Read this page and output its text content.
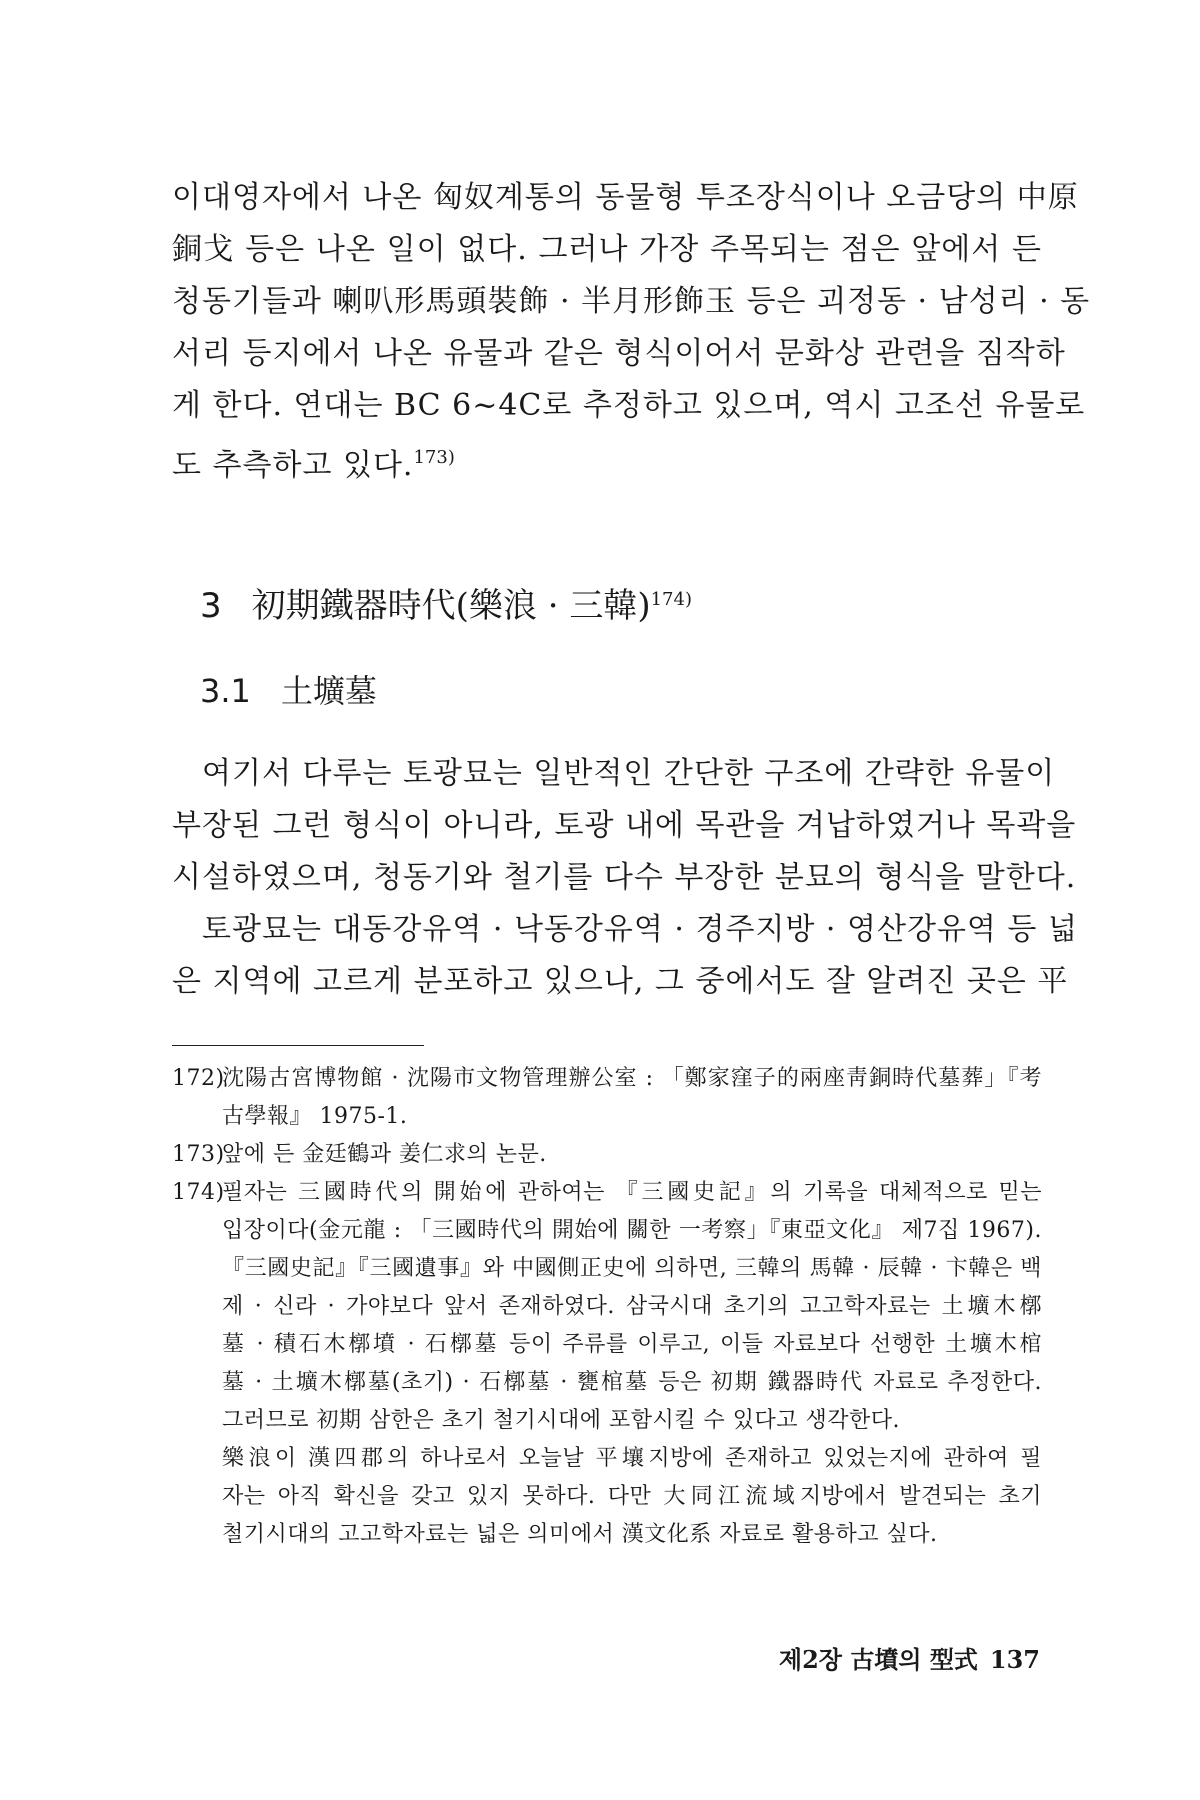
이대영자에서 나온 匈奴계통의 동물형 투조장식이나 오금당의 中原
銅戈 등은 나온 일이 없다. 그러나 가장 주목되는 점은 앞에서 든
청동기들과 喇叭形馬頭裝飾 · 半月形飾玉 등은 괴정동 · 남성리 · 동
서리 등지에서 나온 유물과 같은 형식이어서 문화상 관련을 짐작하
게 한다. 연대는 BC 6~4C로 추정하고 있으며, 역시 고조선 유물로
도 추측하고 있다.$^{173)}$

3 初期鐵器時代(樂浪 · 三韓)$^{174)}$
3.1 土壙墓

여기서 다루는 토광묘는 일반적인 간단한 구조에 간략한 유물이
부장된 그런 형식이 아니라, 토광 내에 목관을 겨납하였거나 목곽을
시설하였으며, 청동기와 철기를 다수 부장한 분묘의 형식을 말한다.

토광묘는 대동강유역 · 낙동강유역 · 경주지방 · 영산강유역 등 넓
은 지역에 고르게 분포하고 있으나, 그 중에서도 잘 알려진 곳은 平

172)
沈陽古宮博物館 · 沈陽市文物管理辦公室 : 「鄭家窪子的兩座靑銅時代墓葬」『考
古學報』 1975-1.
173)
앞에 든 金廷鶴과 姜仁求의 논문.
174)
필자는 三國時代의 開始에 관하여는 『三國史記』의 기록을 대체적으로 믿는
입장이다(金元龍 : 「三國時代의 開始에 關한 一考察」『東亞文化』 제7집 1967).
『三國史記』『三國遺事』와 中國側正史에 의하면, 三韓의 馬韓 · 辰韓 · 卞韓은 백
제 · 신라 · 가야보다 앞서 존재하였다. 삼국시대 초기의 고고학자료는 土壙木槨
墓 · 積石木槨墳 · 石槨墓 등이 주류를 이루고, 이들 자료보다 선행한 土壙木棺
墓 · 土壙木槨墓(초기) · 石槨墓 · 甕棺墓 등은 初期 鐵器時代 자료로 추정한다.
그러므로 初期 삼한은 초기 철기시대에 포함시킬 수 있다고 생각한다.
樂浪이 漢四郡의 하나로서 오늘날 平壤지방에 존재하고 있었는지에 관하여 필
자는 아직 확신을 갖고 있지 못하다. 다만 大同江流域지방에서 발견되는 초기
철기시대의 고고학자료는 넓은 의미에서 漢文化系 자료로 활용하고 싶다.
제2장 古墳의 型式 137
